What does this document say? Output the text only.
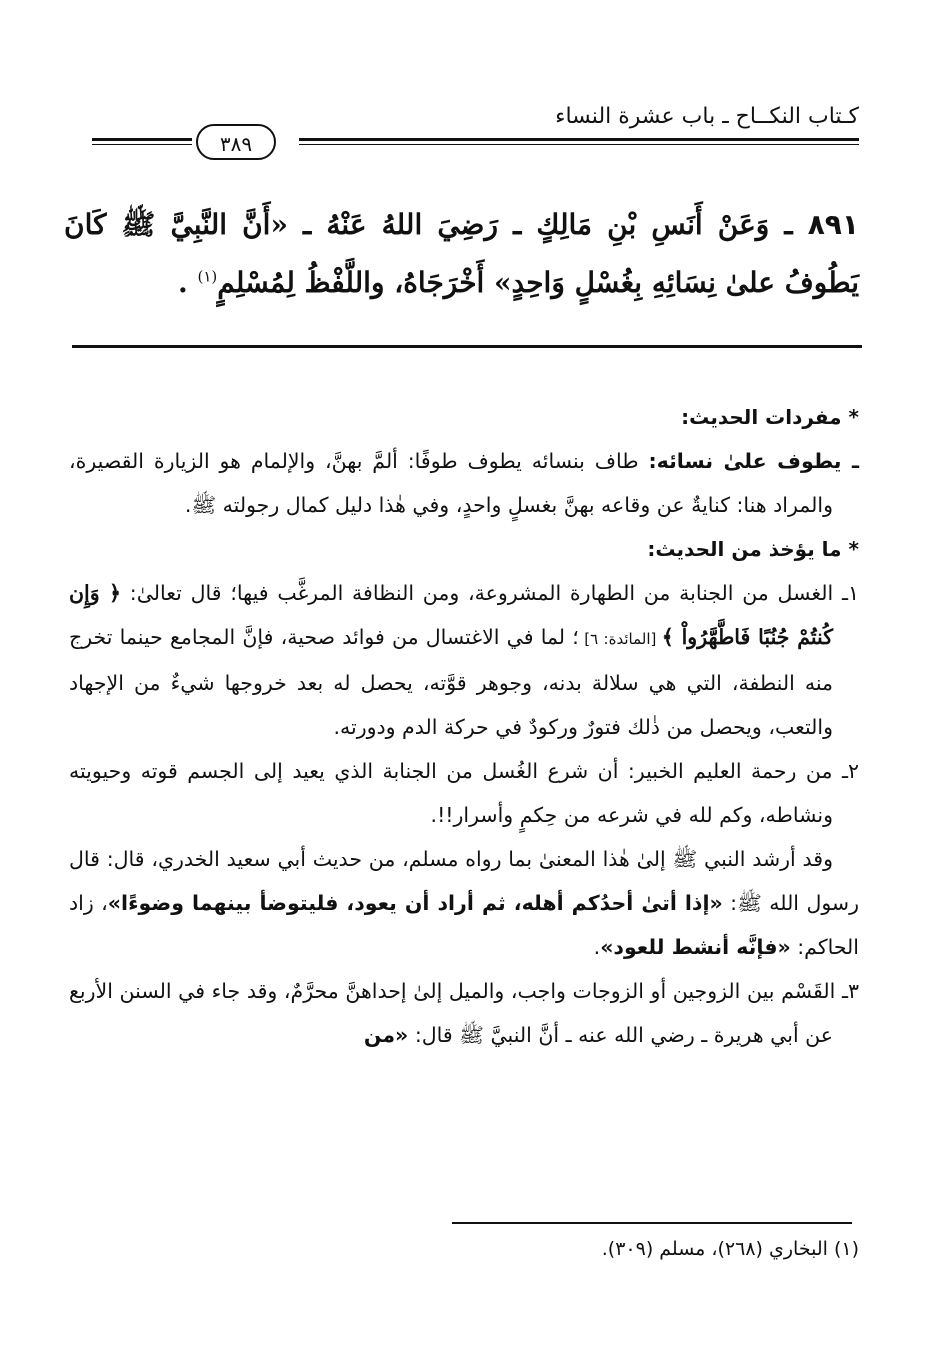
كـتاب النكــاح ـ باب عشرة النساء
٣٨٩
٨٩١ ـ وَعَنْ أَنَسِ بْنِ مَالِكٍ ـ رَضِيَ اللهُ عَنْهُ ـ «أَنَّ النَّبِيَّ ﷺ كَانَ يَطُوفُ علىٰ نِسَائِهِ بِغُسْلٍ وَاحِدٍ» أَخْرَجَاهُ، واللَّفْظُ لِمُسْلِمٍ$^{(١)}$ .

* مفردات الحديث:

ـ يطوف علىٰ نسائه: طاف بنسائه يطوف طوفًا: ألمَّ بهنَّ، والإلمام هو الزيارة القصيرة، والمراد هنا: كنايةٌ عن وقاعه بهنَّ بغسلٍ واحدٍ، وفي هٰذا دليل كمال رجولته ﷺ.

* ما يؤخذ من الحديث:

١ـ الغسل من الجنابة من الطهارة المشروعة، ومن النظافة المرغَّب فيها؛ قال تعالىٰ: ﴿ وَإِن كُنتُمْ جُنُبًا فَاطَّهَّرُواْ ﴾ [المائدة: ٦] ؛ لما في الاغتسال من فوائد صحية، فإنَّ المجامع حينما تخرج منه النطفة، التي هي سلالة بدنه، وجوهر قوَّته، يحصل له بعد خروجها شيءٌ من الإجهاد والتعب، ويحصل من ذٰلك فتورٌ وركودٌ في حركة الدم ودورته.

٢ـ من رحمة العليم الخبير: أن شرع الغُسل من الجنابة الذي يعيد إلى الجسم قوته وحيويته ونشاطه، وكم لله في شرعه من حِكمٍ وأسرار!!.

وقد أرشد النبي ﷺ إلىٰ هٰذا المعنىٰ بما رواه مسلم، من حديث أبي سعيد الخدري، قال: قال رسول الله ﷺ: «إذا أتىٰ أحدُكم أهله، ثم أراد أن يعود، فليتوضأ بينهما وضوءًا»، زاد الحاكم: «فإنَّه أنشط للعود».

٣ـ القَسْم بين الزوجين أو الزوجات واجب، والميل إلىٰ إحداهنَّ محرَّمٌ، وقد جاء في السنن الأربع عن أبي هريرة ـ رضي الله عنه ـ أنَّ النبيَّ ﷺ قال: «من

(١) البخاري (٢٦٨)، مسلم (٣٠٩).
